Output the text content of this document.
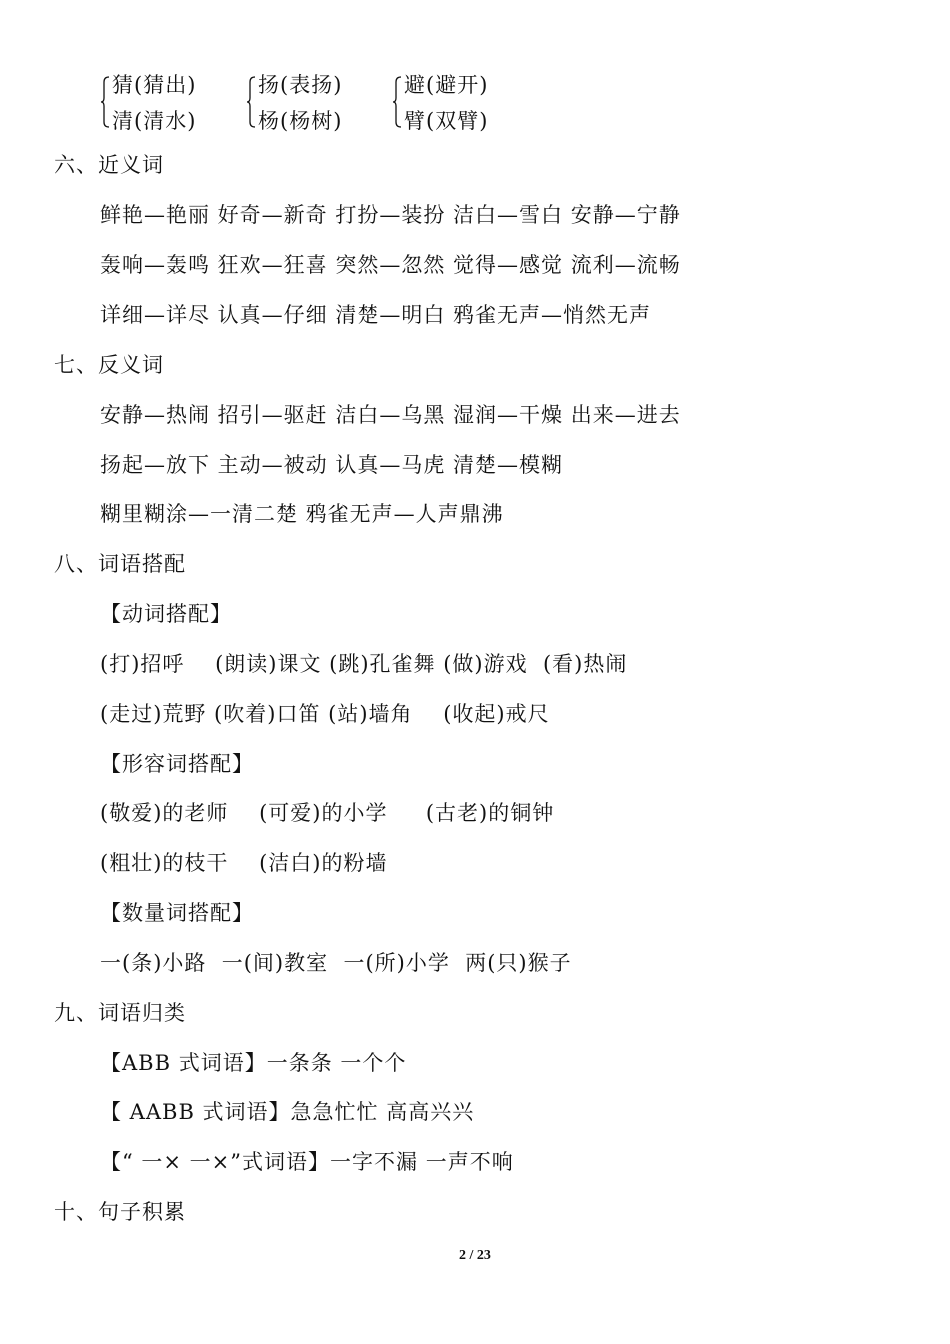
猜(猜出)
清(清水)
扬(表扬)
杨(杨树)
避(避开)
臂(双臂)
六、近义词
鲜艳—艳丽 好奇—新奇 打扮—装扮 洁白—雪白 安静—宁静
轰响—轰鸣 狂欢—狂喜 突然—忽然 觉得—感觉 流利—流畅
详细—详尽 认真—仔细 清楚—明白 鸦雀无声—悄然无声
七、反义词
安静—热闹 招引—驱赶 洁白—乌黑 湿润—干燥 出来—进去
扬起—放下 主动—被动 认真—马虎 清楚—模糊
糊里糊涂—一清二楚 鸦雀无声—人声鼎沸
八、词语搭配
【动词搭配】
(打)招呼    (朗读)课文 (跳)孔雀舞 (做)游戏  (看)热闹
(走过)荒野 (吹着)口笛 (站)墙角    (收起)戒尺
【形容词搭配】
(敬爱)的老师    (可爱)的小学     (古老)的铜钟
(粗壮)的枝干    (洁白)的粉墙
【数量词搭配】
一(条)小路  一(间)教室  一(所)小学  两(只)猴子
九、词语归类
【ABB 式词语】一条条 一个个
【 AABB 式词语】急急忙忙 高高兴兴
【“ 一× 一×”式词语】一字不漏 一声不响
十、句子积累
2 / 23
